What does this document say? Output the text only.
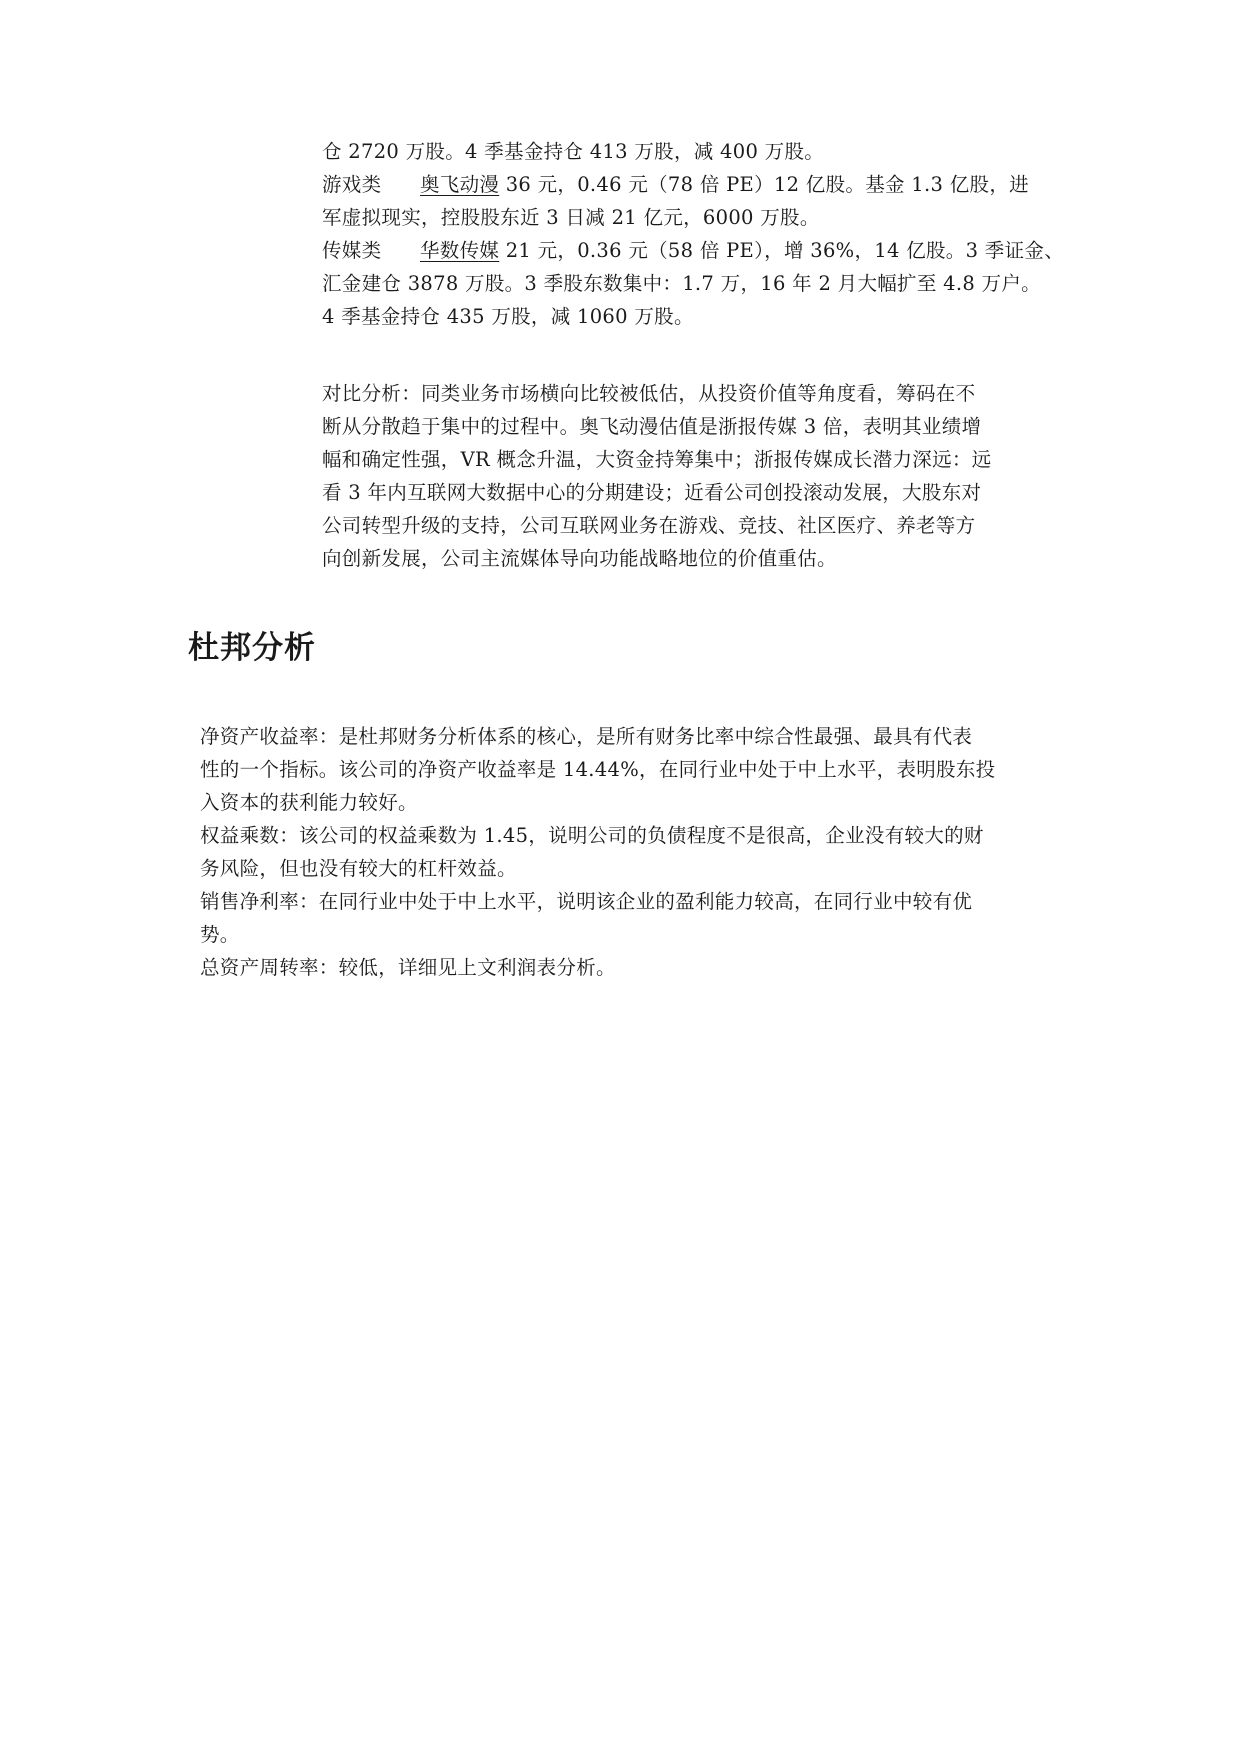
仓 2720 万股。4 季基金持仓 413 万股，减 400 万股。
游戏类 奥飞动漫 36 元，0.46 元（78 倍 PE）12 亿股。基金 1.3 亿股，进
军虚拟现实，控股股东近 3 日减 21 亿元，6000 万股。
传媒类 华数传媒 21 元，0.36 元（58 倍 PE），增 36%，14 亿股。3 季证金、
汇金建仓 3878 万股。3 季股东数集中：1.7 万，16 年 2 月大幅扩至 4.8 万户。
4 季基金持仓 435 万股，减 1060 万股。
对比分析：同类业务市场横向比较被低估，从投资价值等角度看，筹码在不
断从分散趋于集中的过程中。奥飞动漫估值是浙报传媒 3 倍，表明其业绩增
幅和确定性强，VR 概念升温，大资金持筹集中；浙报传媒成长潜力深远：远
看 3 年内互联网大数据中心的分期建设；近看公司创投滚动发展，大股东对
公司转型升级的支持，公司互联网业务在游戏、竞技、社区医疗、养老等方
向创新发展，公司主流媒体导向功能战略地位的价值重估。
杜邦分析
净资产收益率：是杜邦财务分析体系的核心，是所有财务比率中综合性最强、最具有代表
性的一个指标。该公司的净资产收益率是 14.44%，在同行业中处于中上水平，表明股东投
入资本的获利能力较好。
权益乘数：该公司的权益乘数为 1.45，说明公司的负债程度不是很高，企业没有较大的财
务风险，但也没有较大的杠杆效益。
销售净利率：在同行业中处于中上水平，说明该企业的盈利能力较高，在同行业中较有优
势。
总资产周转率：较低，详细见上文利润表分析。
